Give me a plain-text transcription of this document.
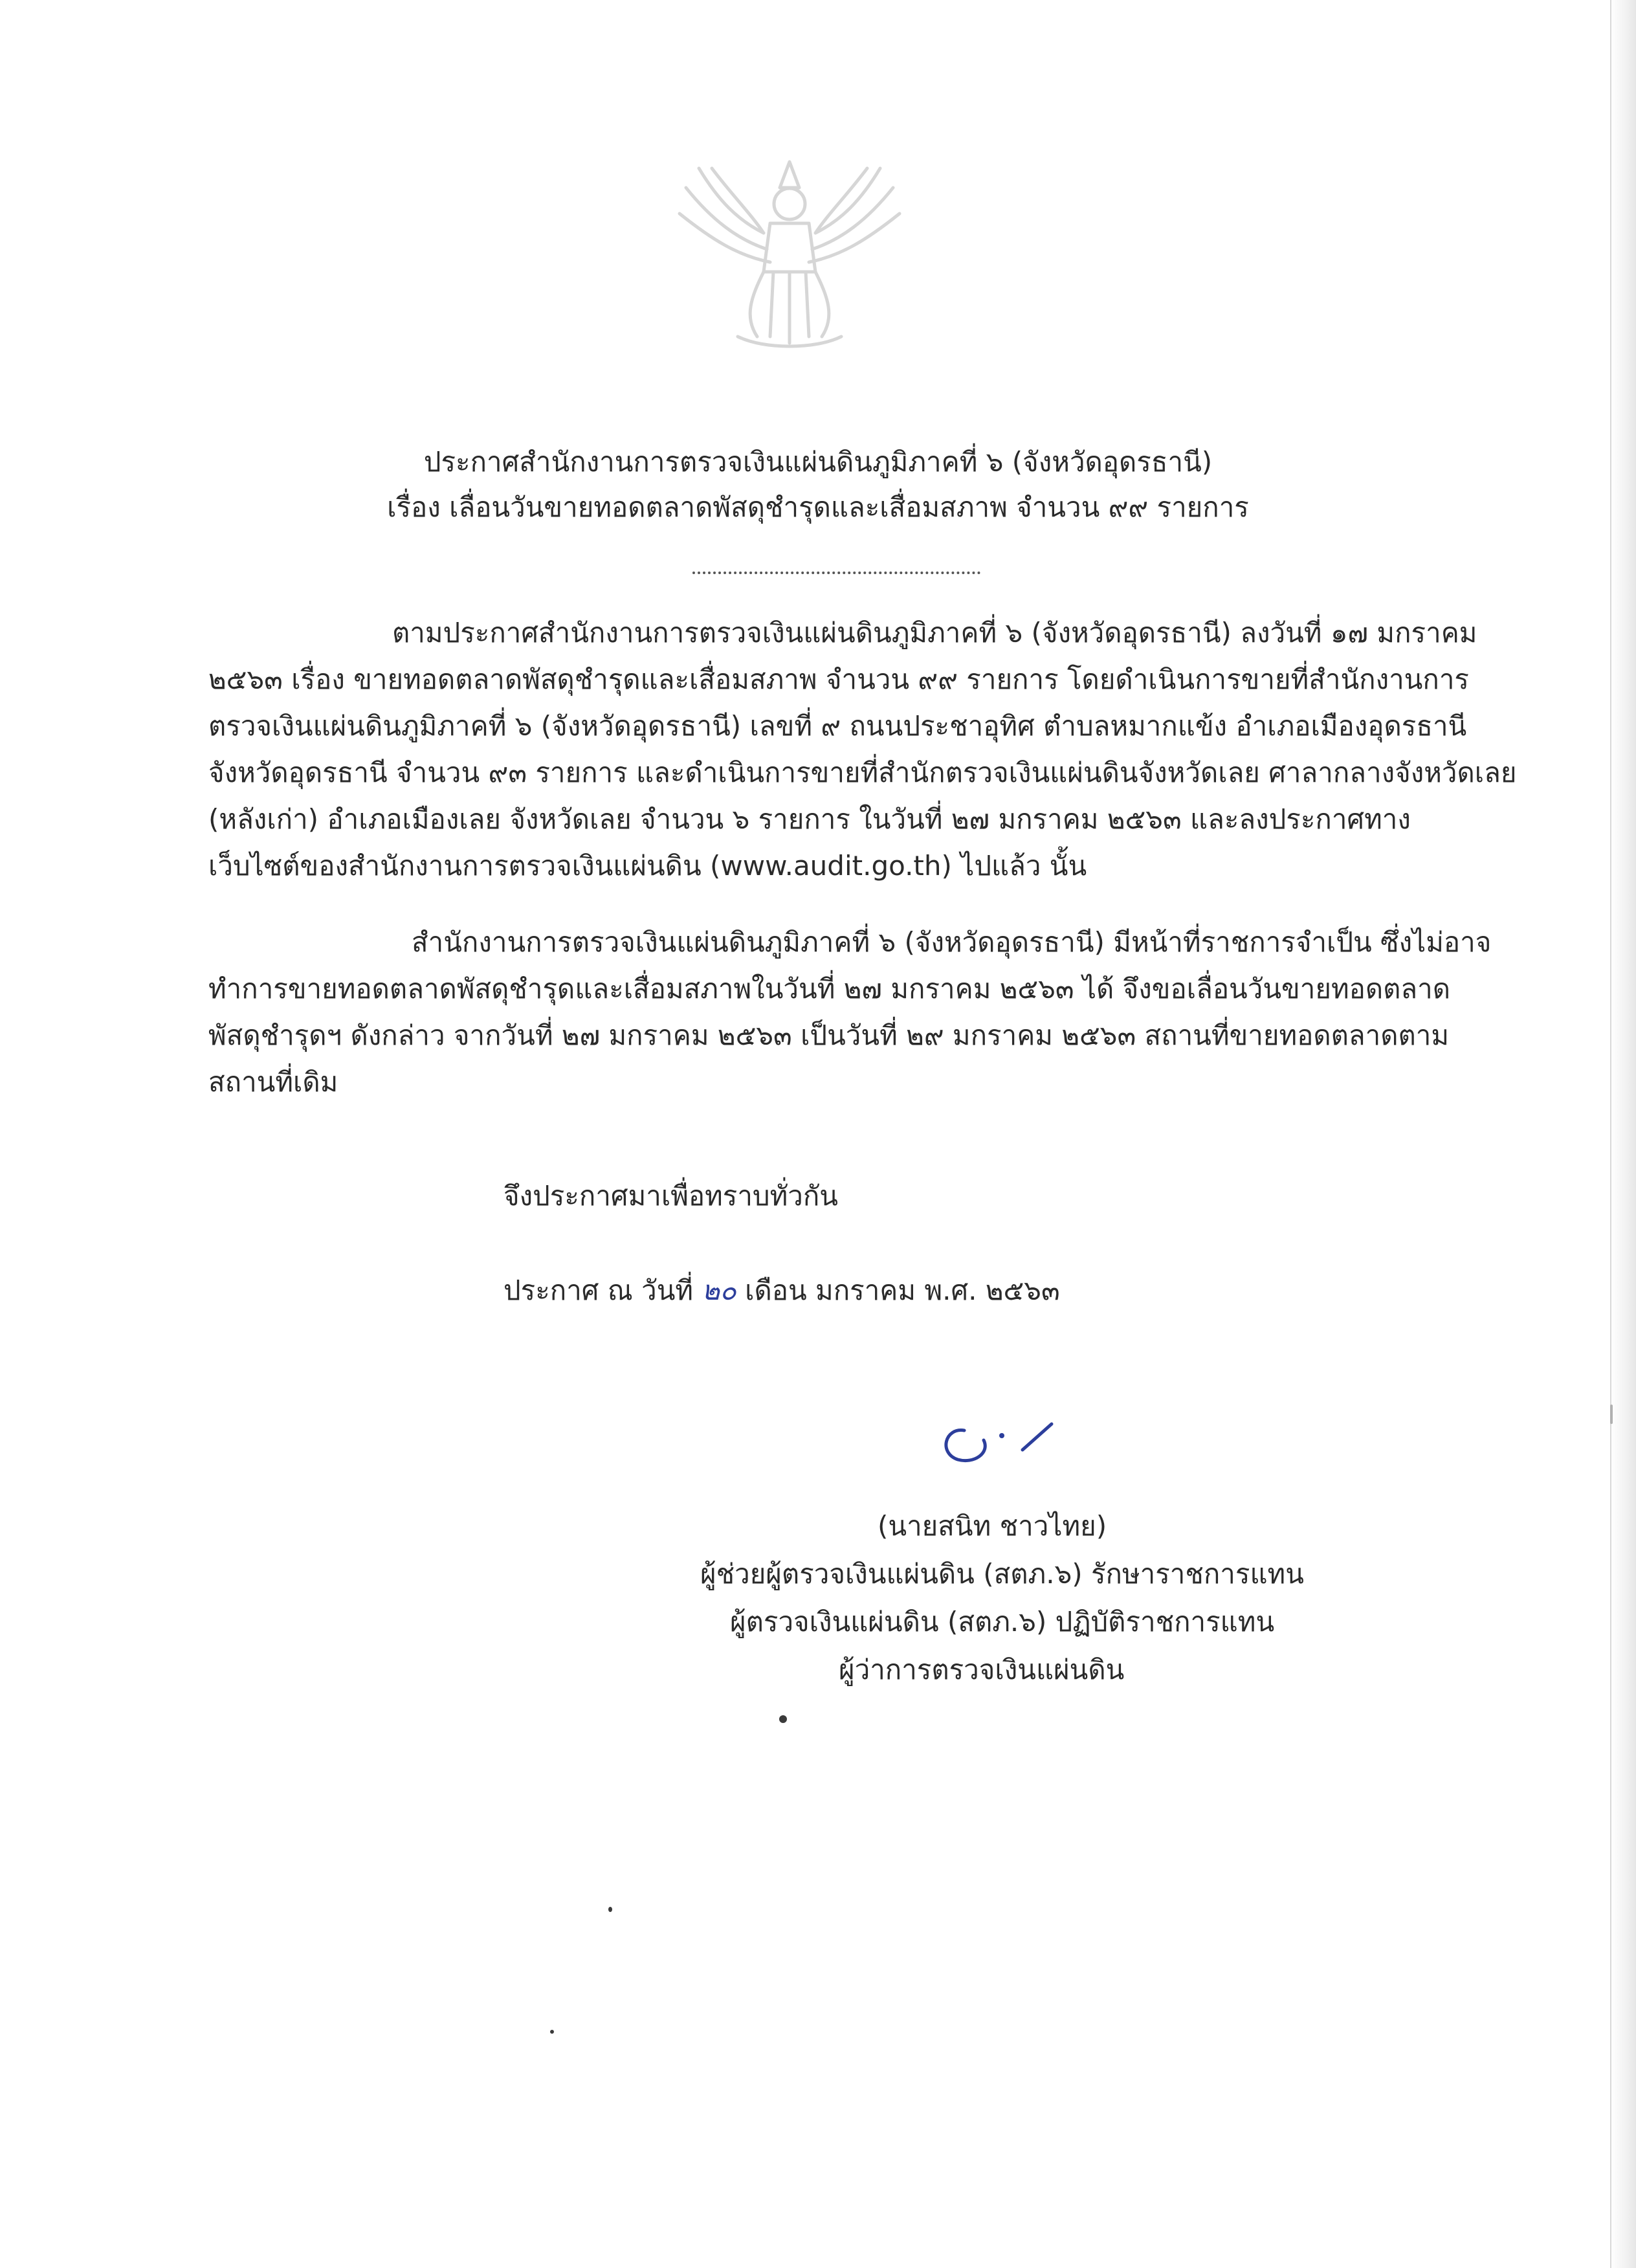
ประกาศสำนักงานการตรวจเงินแผ่นดินภูมิภาคที่ ๖ (จังหวัดอุดรธานี)
เรื่อง เลื่อนวันขายทอดตลาดพัสดุชำรุดและเสื่อมสภาพ จำนวน ๙๙ รายการ
ตามประกาศสำนักงานการตรวจเงินแผ่นดินภูมิภาคที่ ๖ (จังหวัดอุดรธานี) ลงวันที่ ๑๗ มกราคม
๒๕๖๓ เรื่อง ขายทอดตลาดพัสดุชำรุดและเสื่อมสภาพ จำนวน ๙๙ รายการ โดยดำเนินการขายที่สำนักงานการ
ตรวจเงินแผ่นดินภูมิภาคที่ ๖ (จังหวัดอุดรธานี) เลขที่ ๙ ถนนประชาอุทิศ ตำบลหมากแข้ง อำเภอเมืองอุดรธานี
จังหวัดอุดรธานี จำนวน ๙๓ รายการ และดำเนินการขายที่สำนักตรวจเงินแผ่นดินจังหวัดเลย ศาลากลางจังหวัดเลย
(หลังเก่า) อำเภอเมืองเลย จังหวัดเลย จำนวน ๖ รายการ ในวันที่ ๒๗ มกราคม ๒๕๖๓ และลงประกาศทาง
เว็บไซต์ของสำนักงานการตรวจเงินแผ่นดิน (www.audit.go.th) ไปแล้ว นั้น
สำนักงานการตรวจเงินแผ่นดินภูมิภาคที่ ๖ (จังหวัดอุดรธานี) มีหน้าที่ราชการจำเป็น ซึ่งไม่อาจ
ทำการขายทอดตลาดพัสดุชำรุดและเสื่อมสภาพในวันที่ ๒๗ มกราคม ๒๕๖๓ ได้ จึงขอเลื่อนวันขายทอดตลาด
พัสดุชำรุดฯ ดังกล่าว จากวันที่ ๒๗ มกราคม ๒๕๖๓ เป็นวันที่ ๒๙ มกราคม ๒๕๖๓ สถานที่ขายทอดตลาดตาม
สถานที่เดิม
จึงประกาศมาเพื่อทราบทั่วกัน
ประกาศ ณ วันที่ ๒๐ เดือน มกราคม พ.ศ. ๒๕๖๓
(นายสนิท ชาวไทย)
ผู้ช่วยผู้ตรวจเงินแผ่นดิน (สตภ.๖) รักษาราชการแทน
ผู้ตรวจเงินแผ่นดิน (สตภ.๖) ปฏิบัติราชการแทน
ผู้ว่าการตรวจเงินแผ่นดิน
